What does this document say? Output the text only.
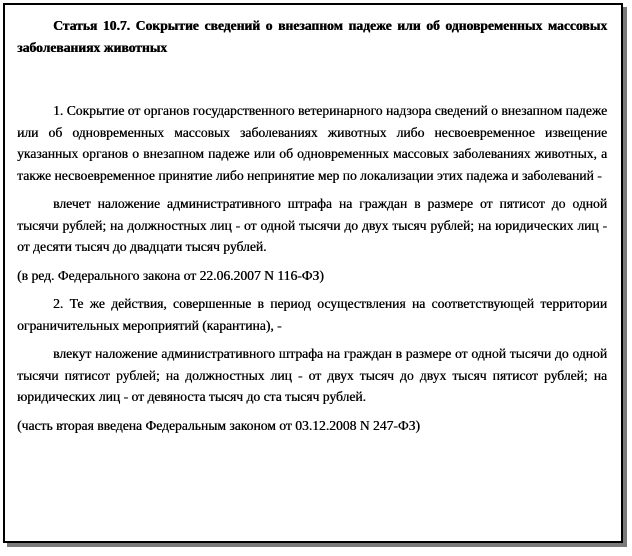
Статья 10.7. Сокрытие сведений о внезапном падеже или об одновременных массовых заболеваниях животных

1. Сокрытие от органов государственного ветеринарного надзора сведений о внезапном падеже или об одновременных массовых заболеваниях животных либо несвоевременное извещение указанных органов о внезапном падеже или об одновременных массовых заболеваниях животных, а также несвоевременное принятие либо непринятие мер по локализации этих падежа и заболеваний -

влечет наложение административного штрафа на граждан в размере от пятисот до одной тысячи рублей; на должностных лиц - от одной тысячи до двух тысяч рублей; на юридических лиц - от десяти тысяч до двадцати тысяч рублей.

(в ред. Федерального закона от 22.06.2007 N 116-ФЗ)

2. Те же действия, совершенные в период осуществления на соответствующей территории ограничительных мероприятий (карантина), -

влекут наложение административного штрафа на граждан в размере от одной тысячи до одной тысячи пятисот рублей; на должностных лиц - от двух тысяч до двух тысяч пятисот рублей; на юридических лиц - от девяноста тысяч до ста тысяч рублей.

(часть вторая введена Федеральным законом от 03.12.2008 N 247-ФЗ)
